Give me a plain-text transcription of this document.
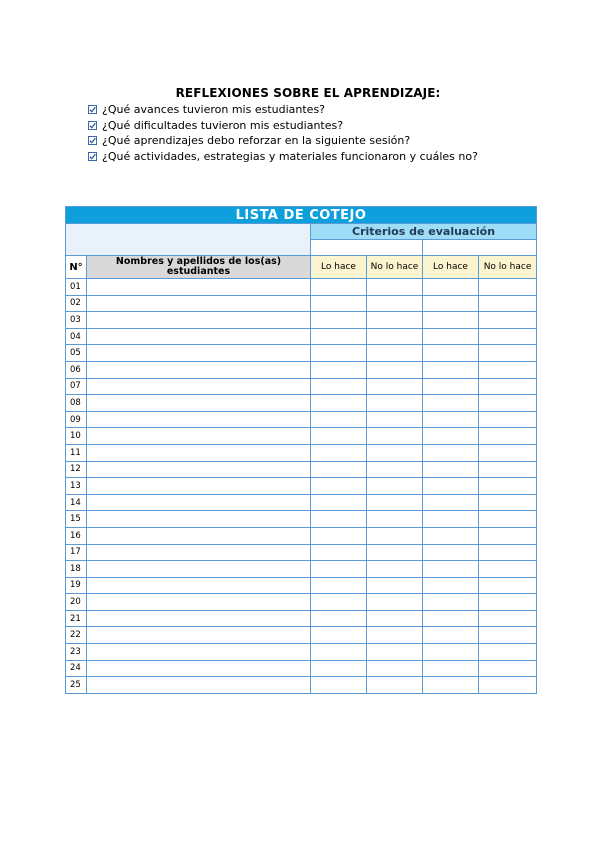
REFLEXIONES SOBRE EL APRENDIZAJE:
¿Qué avances tuvieron mis estudiantes?
¿Qué dificultades tuvieron mis estudiantes?
¿Qué aprendizajes debo reforzar en la siguiente sesión?
¿Qué actividades, estrategias y materiales funcionaron y cuáles no?
LISTA DE COTEJO					
		Criterios de evaluación			

N°	Nombres y apellidos de los(as) estudiantes	Lo hace	No lo hace	Lo hace	No lo hace
01					
02					
03					
04					
05					
06					
07					
08					
09					
10					
11					
12					
13					
14					
15					
16					
17					
18					
19					
20					
21					
22					
23					
24					
25					
